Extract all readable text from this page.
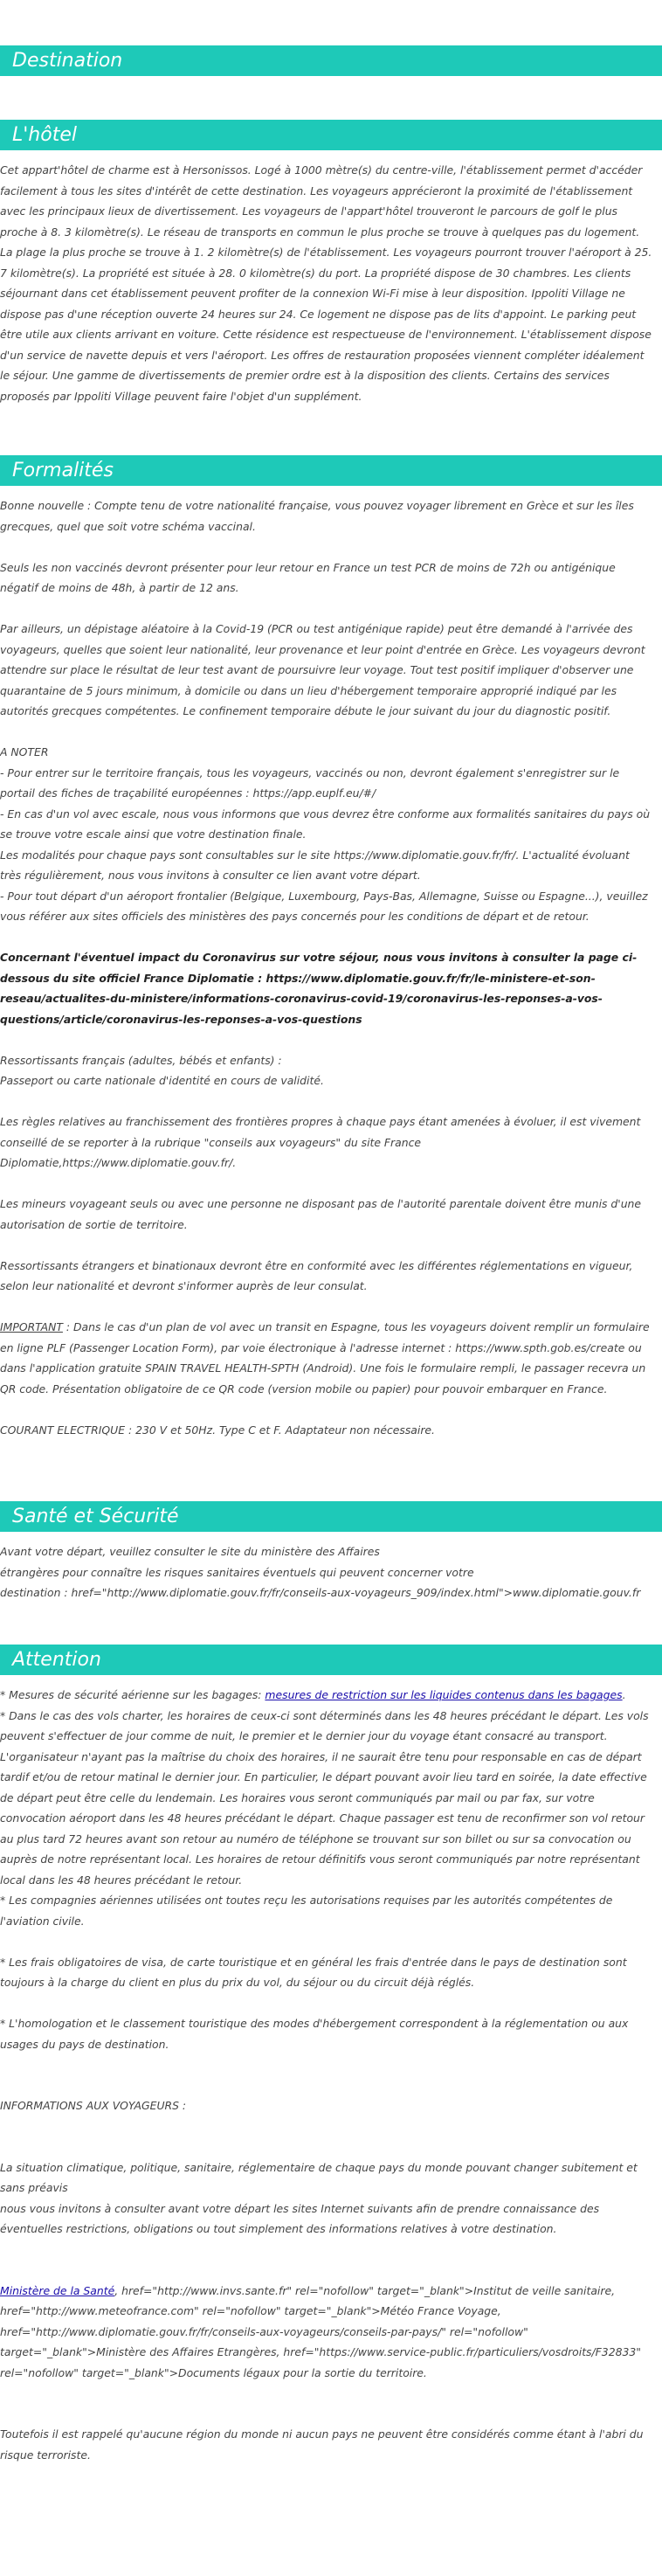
Destination
L'hôtel

Cet appart'hôtel de charme est à Hersonissos. Logé à 1000 mètre(s) du centre-ville, l'établissement permet d'accéder facilement à tous les sites d'intérêt de cette destination. Les voyageurs apprécieront la proximité de l'établissement avec les principaux lieux de divertissement. Les voyageurs de l'appart'hôtel trouveront le parcours de golf le plus proche à 8. 3 kilomètre(s). Le réseau de transports en commun le plus proche se trouve à quelques pas du logement. La plage la plus proche se trouve à 1. 2 kilomètre(s) de l'établissement. Les voyageurs pourront trouver l'aéroport à 25. 7 kilomètre(s). La propriété est située à 28. 0 kilomètre(s) du port. La propriété dispose de 30 chambres. Les clients séjournant dans cet établissement peuvent profiter de la connexion Wi-Fi mise à leur disposition. Ippoliti Village ne dispose pas d'une réception ouverte 24 heures sur 24. Ce logement ne dispose pas de lits d'appoint. Le parking peut être utile aux clients arrivant en voiture. Cette résidence est respectueuse de l'environnement. L'établissement dispose d'un service de navette depuis et vers l'aéroport. Les offres de restauration proposées viennent compléter idéalement le séjour. Une gamme de divertissements de premier ordre est à la disposition des clients. Certains des services proposés par Ippoliti Village peuvent faire l'objet d'un supplément.

Formalités

Bonne nouvelle : Compte tenu de votre nationalité française, vous pouvez voyager librement en Grèce et sur les îles grecques, quel que soit votre schéma vaccinal.

Seuls les non vaccinés devront présenter pour leur retour en France un test PCR de moins de 72h ou antigénique négatif de moins de 48h, à partir de 12 ans.

Par ailleurs, un dépistage aléatoire à la Covid-19 (PCR ou test antigénique rapide) peut être demandé à l'arrivée des voyageurs, quelles que soient leur nationalité, leur provenance et leur point d'entrée en Grèce. Les voyageurs devront attendre sur place le résultat de leur test avant de poursuivre leur voyage. Tout test positif impliquer d'observer une quarantaine de 5 jours minimum, à domicile ou dans un lieu d'hébergement temporaire approprié indiqué par les autorités grecques compétentes. Le confinement temporaire débute le jour suivant du jour du diagnostic positif.

A NOTER

- Pour entrer sur le territoire français, tous les voyageurs, vaccinés ou non, devront également s'enregistrer sur le portail des fiches de traçabilité européennes : https://app.euplf.eu/#/

- En cas d'un vol avec escale, nous vous informons que vous devrez être conforme aux formalités sanitaires du pays où se trouve votre escale ainsi que votre destination finale.

Les modalités pour chaque pays sont consultables sur le site https://www.diplomatie.gouv.fr/fr/. L'actualité évoluant très régulièrement, nous vous invitons à consulter ce lien avant votre départ.

- Pour tout départ d'un aéroport frontalier (Belgique, Luxembourg, Pays-Bas, Allemagne, Suisse ou Espagne...), veuillez vous référer aux sites officiels des ministères des pays concernés pour les conditions de départ et de retour.

Concernant l'éventuel impact du Coronavirus sur votre séjour, nous vous invitons à consulter la page ci-dessous du site officiel France Diplomatie : https://www.diplomatie.gouv.fr/fr/le-ministere-et-son-reseau/actualites-du-ministere/informations-coronavirus-covid-19/coronavirus-les-reponses-a-vos-questions/article/coronavirus-les-reponses-a-vos-questions

Ressortissants français (adultes, bébés et enfants) :

Passeport ou carte nationale d'identité en cours de validité.

Les règles relatives au franchissement des frontières propres à chaque pays étant amenées à évoluer, il est vivement conseillé de se reporter à la rubrique "conseils aux voyageurs" du site France Diplomatie,https://www.diplomatie.gouv.fr/.

Les mineurs voyageant seuls ou avec une personne ne disposant pas de l'autorité parentale doivent être munis d'une autorisation de sortie de territoire.

Ressortissants étrangers et binationaux devront être en conformité avec les différentes réglementations en vigueur, selon leur nationalité et devront s'informer auprès de leur consulat.

IMPORTANT : Dans le cas d'un plan de vol avec un transit en Espagne, tous les voyageurs doivent remplir un formulaire en ligne PLF (Passenger Location Form), par voie électronique à l'adresse internet : https://www.spth.gob.es/create ou dans l'application gratuite SPAIN TRAVEL HEALTH-SPTH (Android). Une fois le formulaire rempli, le passager recevra un QR code. Présentation obligatoire de ce QR code (version mobile ou papier) pour pouvoir embarquer en France.

COURANT ELECTRIQUE : 230 V et 50Hz. Type C et F. Adaptateur non nécessaire.

Santé et Sécurité

Avant votre départ, veuillez consulter le site du ministère des Affaires

étrangères pour connaître les risques sanitaires éventuels qui peuvent concerner votre

destination : href="http://www.diplomatie.gouv.fr/fr/conseils-aux-voyageurs_909/index.html">www.diplomatie.gouv.fr

Attention

* Mesures de sécurité aérienne sur les bagages: mesures de restriction sur les liquides contenus dans les bagages.

* Dans le cas des vols charter, les horaires de ceux-ci sont déterminés dans les 48 heures précédant le départ. Les vols peuvent s'effectuer de jour comme de nuit, le premier et le dernier jour du voyage étant consacré au transport. L'organisateur n'ayant pas la maîtrise du choix des horaires, il ne saurait être tenu pour responsable en cas de départ tardif et/ou de retour matinal le dernier jour. En particulier, le départ pouvant avoir lieu tard en soirée, la date effective de départ peut être celle du lendemain. Les horaires vous seront communiqués par mail ou par fax, sur votre convocation aéroport dans les 48 heures précédant le départ. Chaque passager est tenu de reconfirmer son vol retour au plus tard 72 heures avant son retour au numéro de téléphone se trouvant sur son billet ou sur sa convocation ou auprès de notre représentant local. Les horaires de retour définitifs vous seront communiqués par notre représentant local dans les 48 heures précédant le retour.

* Les compagnies aériennes utilisées ont toutes reçu les autorisations requises par les autorités compétentes de l'aviation civile.

* Les frais obligatoires de visa, de carte touristique et en général les frais d'entrée dans le pays de destination sont toujours à la charge du client en plus du prix du vol, du séjour ou du circuit déjà réglés.

* L'homologation et le classement touristique des modes d'hébergement correspondent à la réglementation ou aux usages du pays de destination.

INFORMATIONS AUX VOYAGEURS :

La situation climatique, politique, sanitaire, réglementaire de chaque pays du monde pouvant changer subitement et sans préavis

nous vous invitons à consulter avant votre départ les sites Internet suivants afin de prendre connaissance des éventuelles restrictions, obligations ou tout simplement des informations relatives à votre destination.

Ministère de la Santé, href="http://www.invs.sante.fr" rel="nofollow" target="_blank">Institut de veille sanitaire, href="http://www.meteofrance.com" rel="nofollow" target="_blank">Météo France Voyage, href="http://www.diplomatie.gouv.fr/fr/conseils-aux-voyageurs/conseils-par-pays/" rel="nofollow" target="_blank">Ministère des Affaires Etrangères, href="https://www.service-public.fr/particuliers/vosdroits/F32833" rel="nofollow" target="_blank">Documents légaux pour la sortie du territoire.

Toutefois il est rappelé qu'aucune région du monde ni aucun pays ne peuvent être considérés comme étant à l'abri du risque terroriste.
